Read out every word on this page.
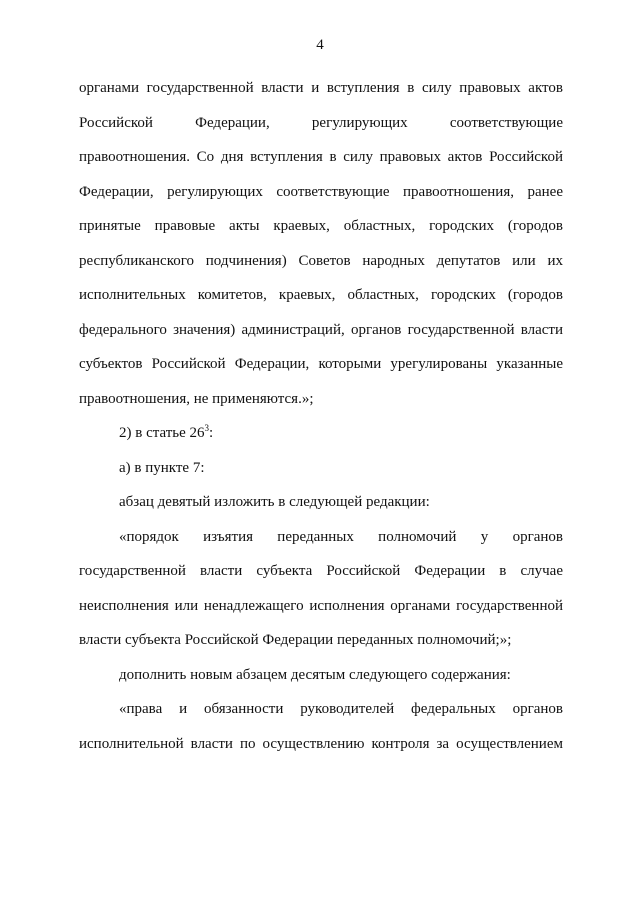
4

органами государственной власти и вступления в силу правовых актов

Российской Федерации, регулирующих соответствующие

правоотношения. Со дня вступления в силу правовых актов Российской

Федерации, регулирующих соответствующие правоотношения, ранее

принятые правовые акты краевых, областных, городских (городов

республиканского подчинения) Советов народных депутатов или их

исполнительных комитетов, краевых, областных, городских (городов

федерального значения) администраций, органов государственной власти

субъектов Российской Федерации, которыми урегулированы указанные

правоотношения, не применяются.»;

2) в статье $26^3$:

а) в пункте 7:

абзац девятый изложить в следующей редакции:

«порядок изъятия переданных полномочий у органов

государственной власти субъекта Российской Федерации в случае

неисполнения или ненадлежащего исполнения органами государственной

власти субъекта Российской Федерации переданных полномочий;»;

дополнить новым абзацем десятым следующего содержания:

«права и обязанности руководителей федеральных органов

исполнительной власти по осуществлению контроля за осуществлением
